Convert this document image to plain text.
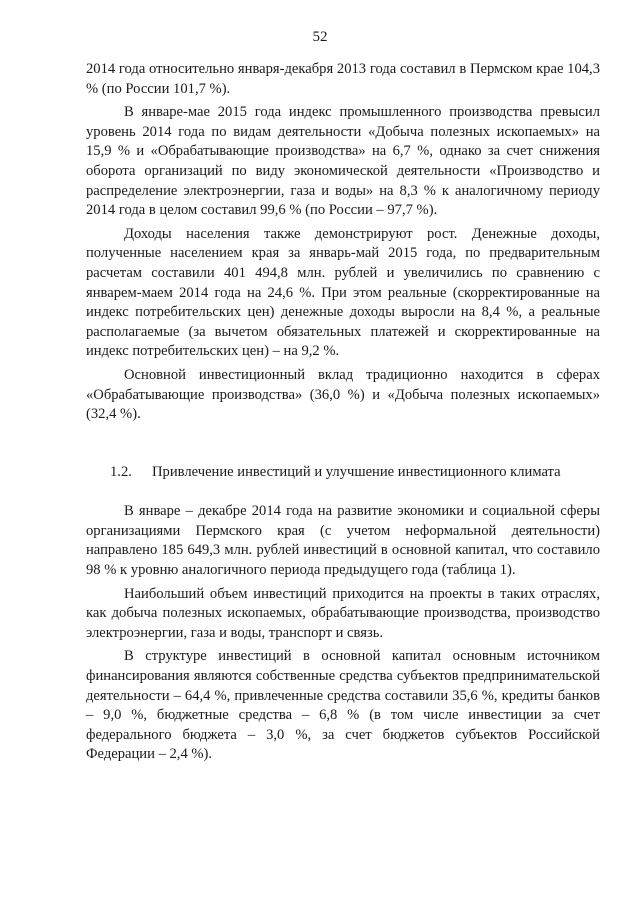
52

2014 года относительно января-декабря 2013 года составил в Пермском крае 104,3 % (по России 101,7 %).

В январе-мае 2015 года индекс промышленного производства превысил уровень 2014 года по видам деятельности «Добыча полезных ископаемых» на 15,9 % и «Обрабатывающие производства» на 6,7 %, однако за счет снижения оборота организаций по виду экономической деятельности «Производство и распределение электроэнергии, газа и воды» на 8,3 % к аналогичному периоду 2014 года в целом составил 99,6 % (по России – 97,7 %).

Доходы населения также демонстрируют рост. Денежные доходы, полученные населением края за январь-май 2015 года, по предварительным расчетам составили 401 494,8 млн. рублей и увеличились по сравнению с январем-маем 2014 года на 24,6 %. При этом реальные (скорректированные на индекс потребительских цен) денежные доходы выросли на 8,4 %, а реальные располагаемые (за вычетом обязательных платежей и скорректированные на индекс потребительских цен) – на 9,2 %.

Основной инвестиционный вклад традиционно находится в сферах «Обрабатывающие производства» (36,0 %) и «Добыча полезных ископаемых» (32,4 %).

1.2. Привлечение инвестиций и улучшение инвестиционного климата

В январе – декабре 2014 года на развитие экономики и социальной сферы организациями Пермского края (с учетом неформальной деятельности) направлено 185 649,3 млн. рублей инвестиций в основной капитал, что составило 98 % к уровню аналогичного периода предыдущего года (таблица 1).

Наибольший объем инвестиций приходится на проекты в таких отраслях, как добыча полезных ископаемых, обрабатывающие производства, производство электроэнергии, газа и воды, транспорт и связь.

В структуре инвестиций в основной капитал основным источником финансирования являются собственные средства субъектов предпринимательской деятельности – 64,4 %, привлеченные средства составили 35,6 %, кредиты банков – 9,0 %, бюджетные средства – 6,8 % (в том числе инвестиции за счет федерального бюджета – 3,0 %, за счет бюджетов субъектов Российской Федерации – 2,4 %).
